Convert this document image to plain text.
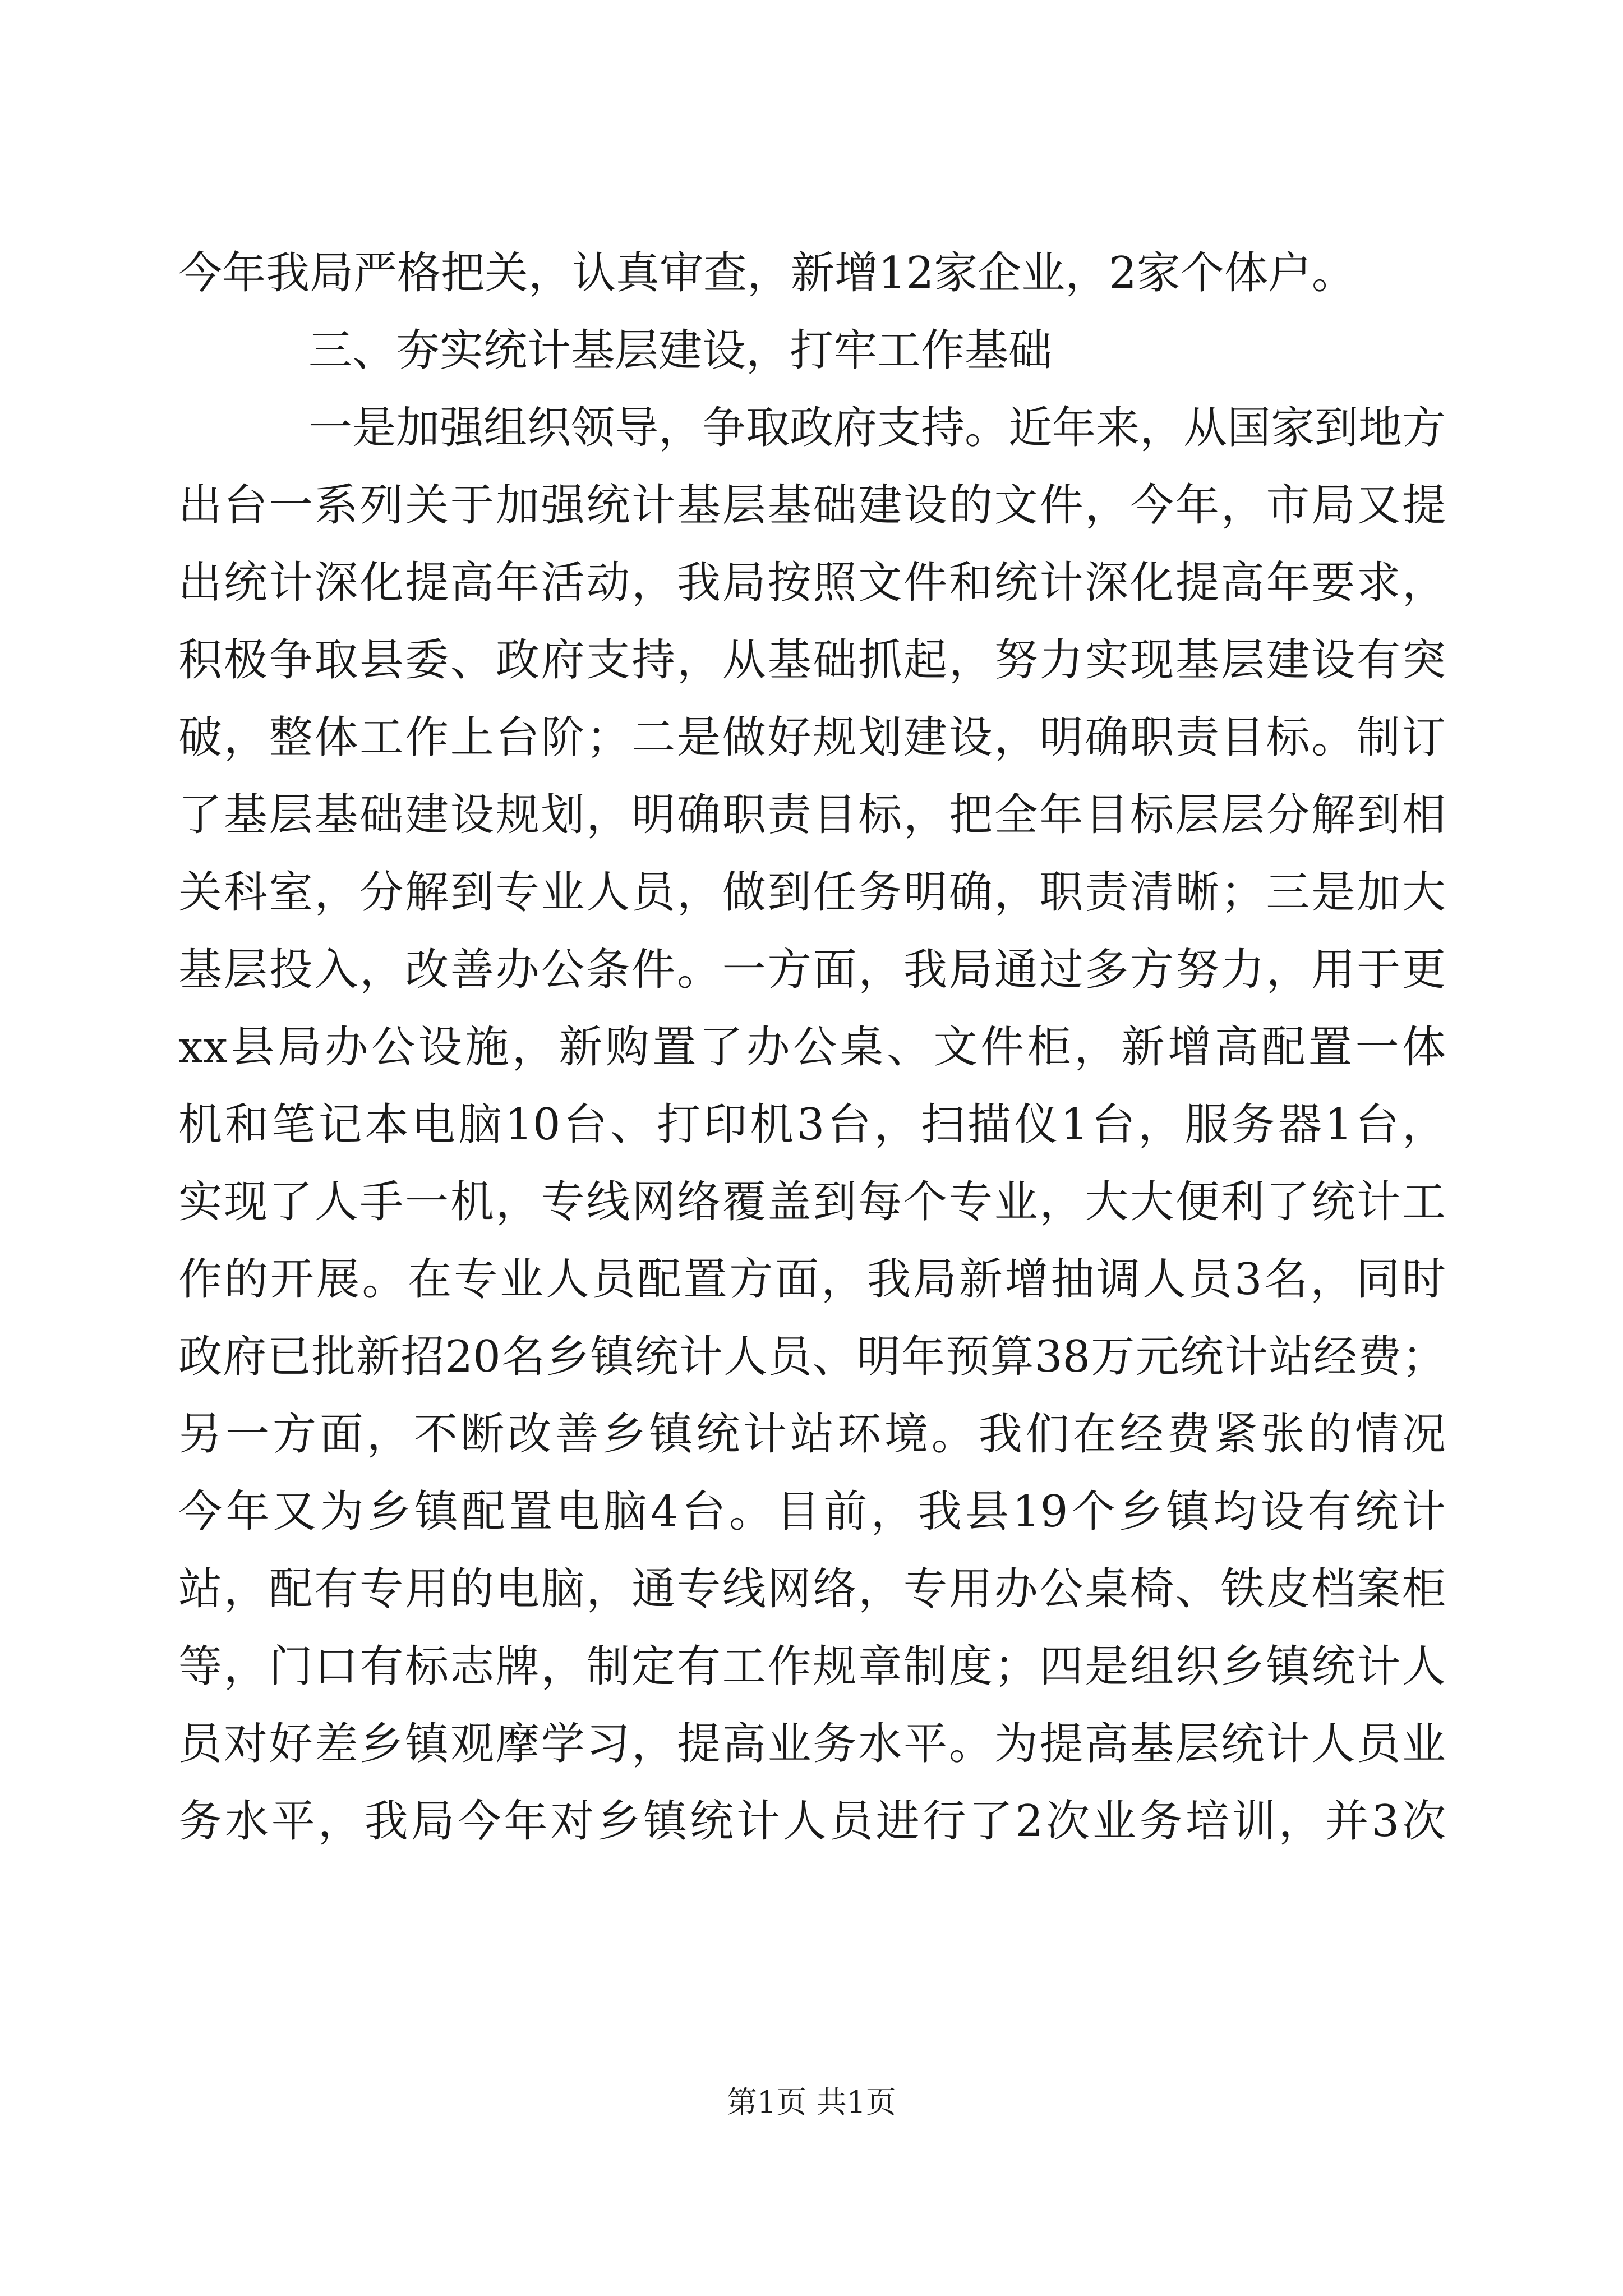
今年我局严格把关，认真审查，新增12家企业，2家个体户。
三、夯实统计基层建设，打牢工作基础
一是加强组织领导，争取政府支持。近年来，从国家到地方
出台一系列关于加强统计基层基础建设的文件，今年，市局又提
出统计深化提高年活动，我局按照文件和统计深化提高年要求，
积极争取县委、政府支持，从基础抓起，努力实现基层建设有突
破，整体工作上台阶；二是做好规划建设，明确职责目标。制订
了基层基础建设规划，明确职责目标，把全年目标层层分解到相
关科室，分解到专业人员，做到任务明确，职责清晰；三是加大
基层投入，改善办公条件。一方面，我局通过多方努力，用于更
xx县局办公设施，新购置了办公桌、文件柜，新增高配置一体
机和笔记本电脑10台、打印机3台，扫描仪1台，服务器1台，
实现了人手一机，专线网络覆盖到每个专业，大大便利了统计工
作的开展。在专业人员配置方面，我局新增抽调人员3名，同时
政府已批新招20名乡镇统计人员、明年预算38万元统计站经费；
另一方面，不断改善乡镇统计站环境。我们在经费紧张的情况
今年又为乡镇配置电脑4台。目前，我县19个乡镇均设有统计
站，配有专用的电脑，通专线网络，专用办公桌椅、铁皮档案柜
等，门口有标志牌，制定有工作规章制度；四是组织乡镇统计人
员对好差乡镇观摩学习，提高业务水平。为提高基层统计人员业
务水平，我局今年对乡镇统计人员进行了2次业务培训，并3次
第1页 共1页
